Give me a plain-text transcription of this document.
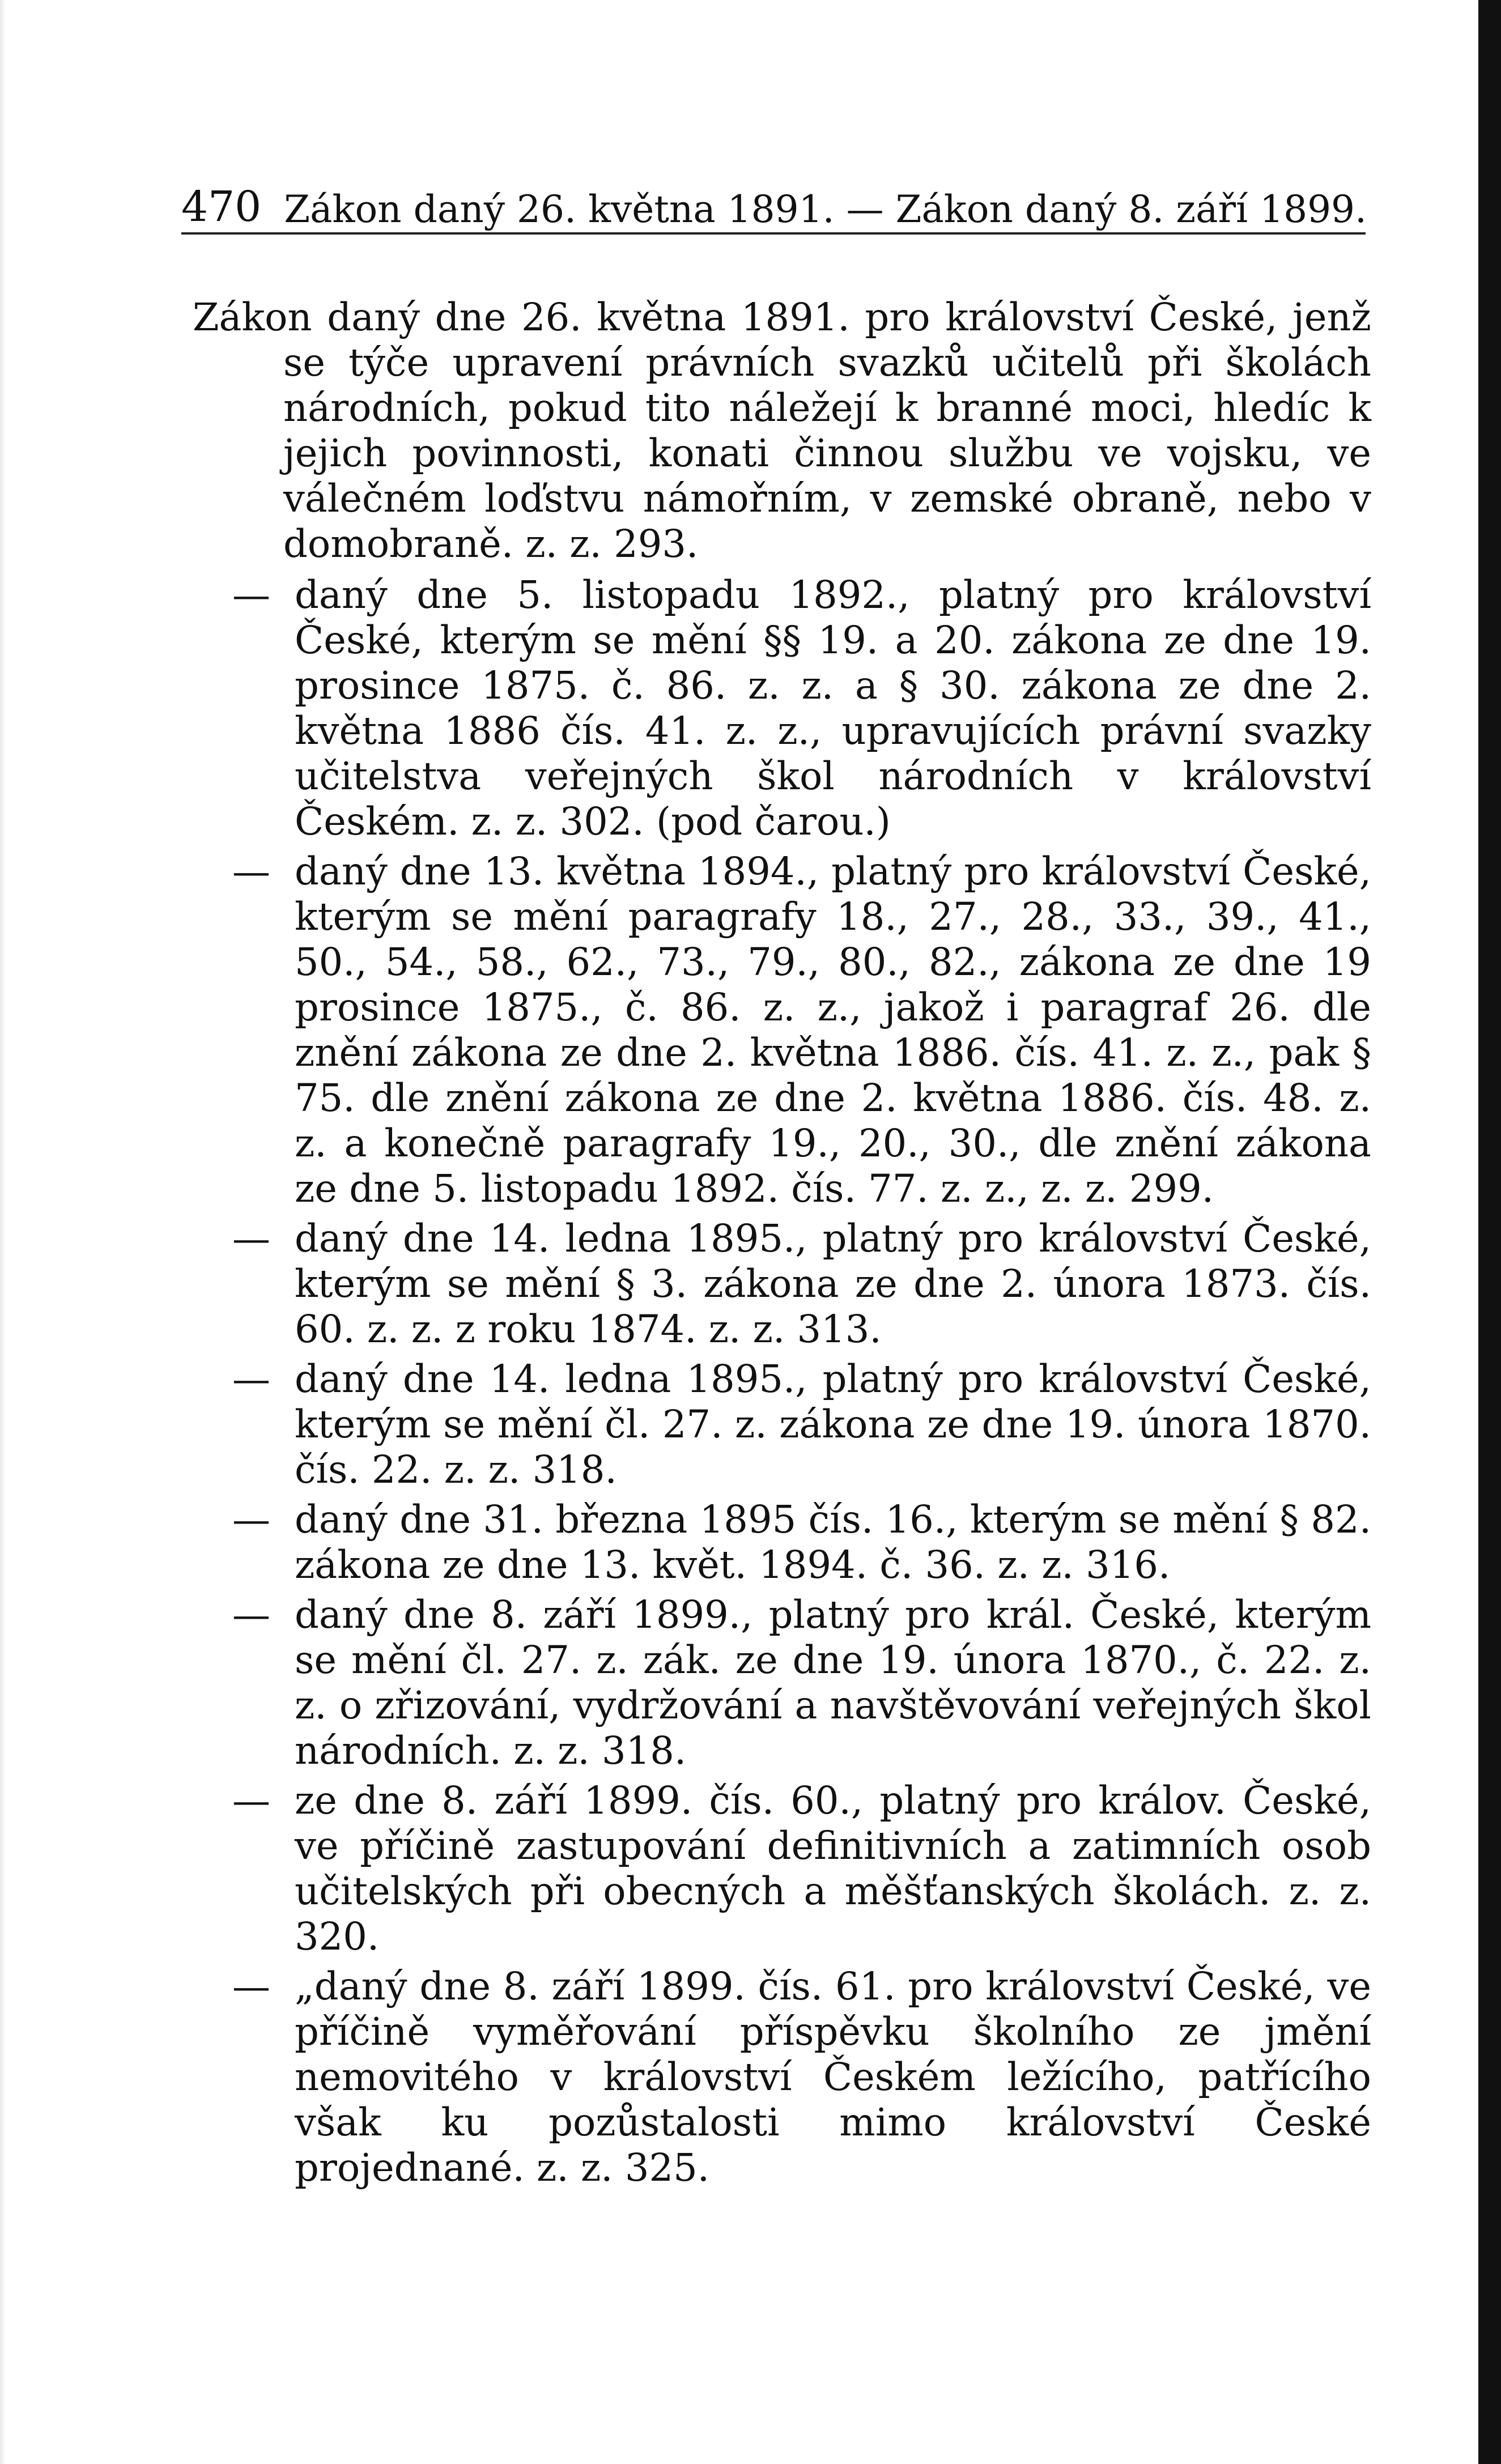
470 Zákon daný 26. května 1891. — Zákon daný 8. září 1899.
Zákon daný dne 26. května 1891. pro království České, jenž se týče upravení právních svazků učitelů při školách národních, pokud tito náležejí k branné moci, hledíc k jejich povinnosti, konati činnou službu ve vojsku, ve válečném loďstvu námořním, v zemské obraně, nebo v domobraně. z. z. 293.
— daný dne 5. listopadu 1892., platný pro království České, kterým se mění §§ 19. a 20. zákona ze dne 19. prosince 1875. č. 86. z. z. a § 30. zákona ze dne 2. května 1886 čís. 41. z. z., upravujících právní svazky učitelstva veřejných škol národních v království Českém. z. z. 302. (pod čarou.)
— daný dne 13. května 1894., platný pro království České, kterým se mění paragrafy 18., 27., 28., 33., 39., 41., 50., 54., 58., 62., 73., 79., 80., 82., zákona ze dne 19 prosince 1875., č. 86. z. z., jakož i paragraf 26. dle znění zákona ze dne 2. května 1886. čís. 41. z. z., pak § 75. dle znění zákona ze dne 2. května 1886. čís. 48. z. z. a konečně paragrafy 19., 20., 30., dle znění zákona ze dne 5. listopadu 1892. čís. 77. z. z., z. z. 299.
— daný dne 14. ledna 1895., platný pro království České, kterým se mění § 3. zákona ze dne 2. února 1873. čís. 60. z. z. z roku 1874. z. z. 313.
— daný dne 14. ledna 1895., platný pro království České, kterým se mění čl. 27. z. zákona ze dne 19. února 1870. čís. 22. z. z. 318.
— daný dne 31. března 1895 čís. 16., kterým se mění § 82. zákona ze dne 13. květ. 1894. č. 36. z. z. 316.
— daný dne 8. září 1899., platný pro král. České, kterým se mění čl. 27. z. zák. ze dne 19. února 1870., č. 22. z. z. o zřizování, vydržování a navštěvování veřejných škol národních. z. z. 318.
— ze dne 8. září 1899. čís. 60., platný pro králov. České, ve příčině zastupování definitivních a zatimních osob učitelských při obecných a měšťanských školách. z. z. 320.
— „daný dne 8. září 1899. čís. 61. pro království České, ve příčině vyměřování příspěvku školního ze jmění nemovitého v království Českém ležícího, patřícího však ku pozůstalosti mimo království České projednané. z. z. 325.
